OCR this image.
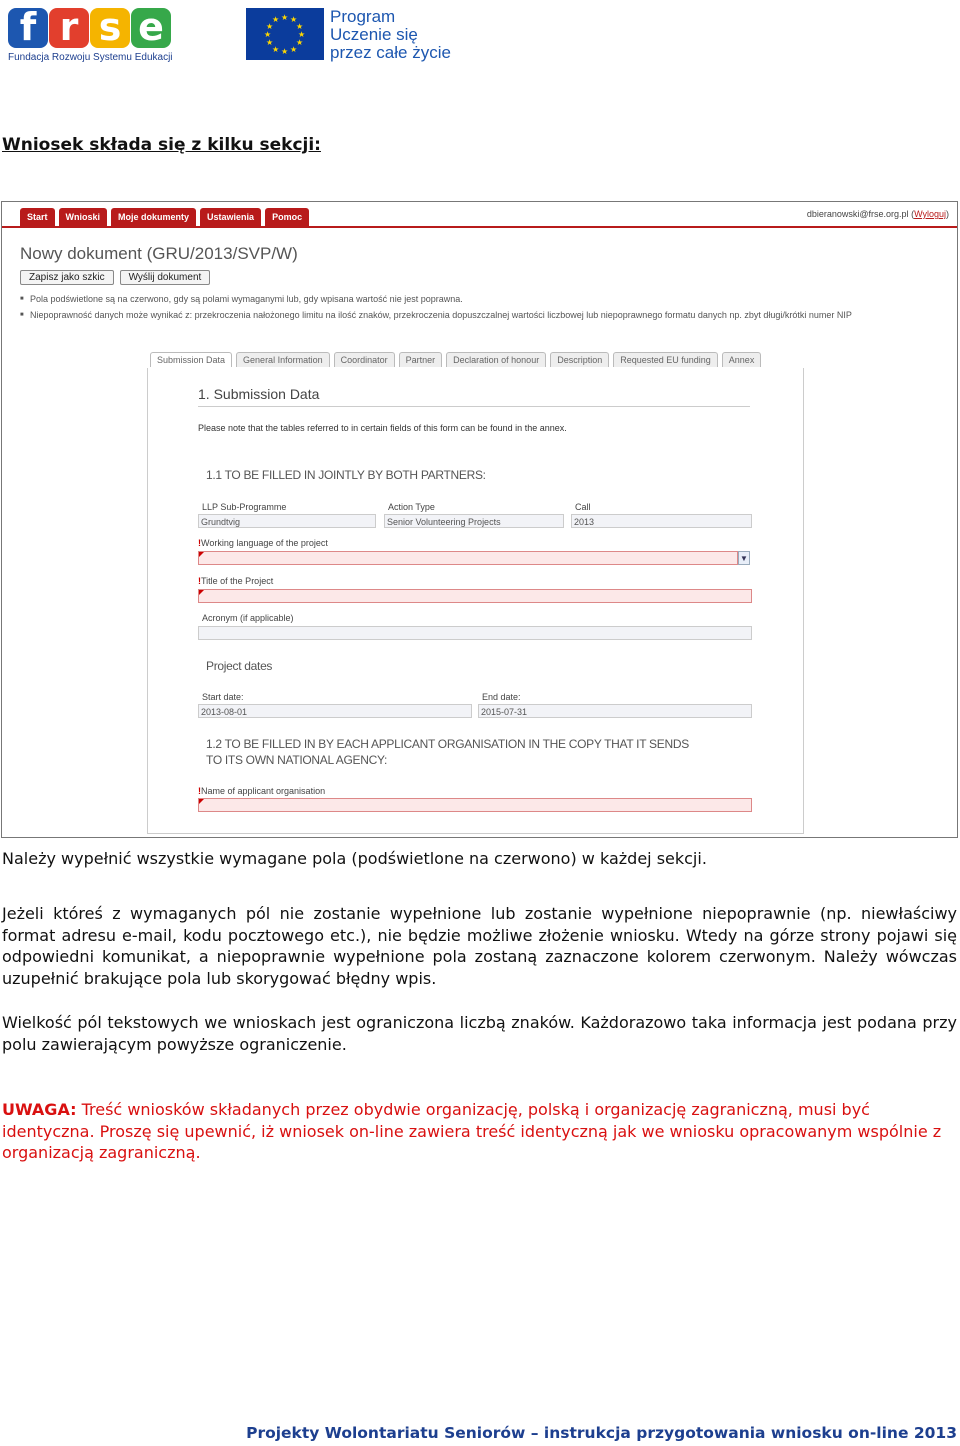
f r s e
Fundacja Rozwoju Systemu Edukacji
★ ★
★
★
★
★
★
★
★
★
★
★	Program
Uczenie się
przez całe życie
Wniosek składa się z kilku sekcji:
Start	Wnioski	Moje dokumenty	Ustawienia	Pomoc	dbieranowski@frse.org.pl (Wyloguj)
Nowy dokument (GRU/2013/SVP/W)
Zapisz jako szkic	Wyślij dokument
■ Pola podświetlone są na czerwono, gdy są polami wymaganymi lub, gdy wpisana wartość nie jest poprawna.
■ Niepoprawność danych może wynikać z: przekroczenia nałożonego limitu na ilość znaków, przekroczenia dopuszczalnej wartości liczbowej lub niepoprawnego formatu danych np. zbyt długi/krótki numer NIP
Submission Data	General Information	Coordinator	Partner	Declaration of honour	Description	Requested EU funding	Annex
1. Submission Data
Please note that the tables referred to in certain fields of this form can be found in the annex.
1.1 TO BE FILLED IN JOINTLY BY BOTH PARTNERS:
LLP Sub-Programme
Grundtvig
Action Type
Senior Volunteering Projects
Call
2013
!Working language of the project
▼
!Title of the Project
Acronym (if applicable)
Project dates
Start date:
2013-08-01
End date:
2015-07-31
1.2 TO BE FILLED IN BY EACH APPLICANT ORGANISATION IN THE COPY THAT IT SENDS
TO ITS OWN NATIONAL AGENCY:
!Name of applicant organisation
Należy wypełnić wszystkie wymagane pola (podświetlone na czerwono) w każdej sekcji.
Jeżeli któreś z wymaganych pól nie zostanie wypełnione lub zostanie wypełnione niepoprawnie (np. niewłaściwy format adresu e-mail, kodu pocztowego etc.), nie będzie możliwe złożenie wniosku. Wtedy na górze strony pojawi się odpowiedni komunikat, a niepoprawnie wypełnione pola zostaną zaznaczone kolorem czerwonym. Należy wówczas uzupełnić brakujące pola lub skorygować błędny wpis.
Wielkość pól tekstowych we wnioskach jest ograniczona liczbą znaków. Każdorazowo taka informacja jest podana przy polu zawierającym powyższe ograniczenie.
UWAGA: Treść wniosków składanych przez obydwie organizację, polską i organizację zagraniczną, musi być identyczna. Proszę się upewnić, iż wniosek on-line zawiera treść identyczną jak we wniosku opracowanym wspólnie z organizacją zagraniczną.
Projekty Wolontariatu Seniorów – instrukcja przygotowania wniosku on-line 2013
